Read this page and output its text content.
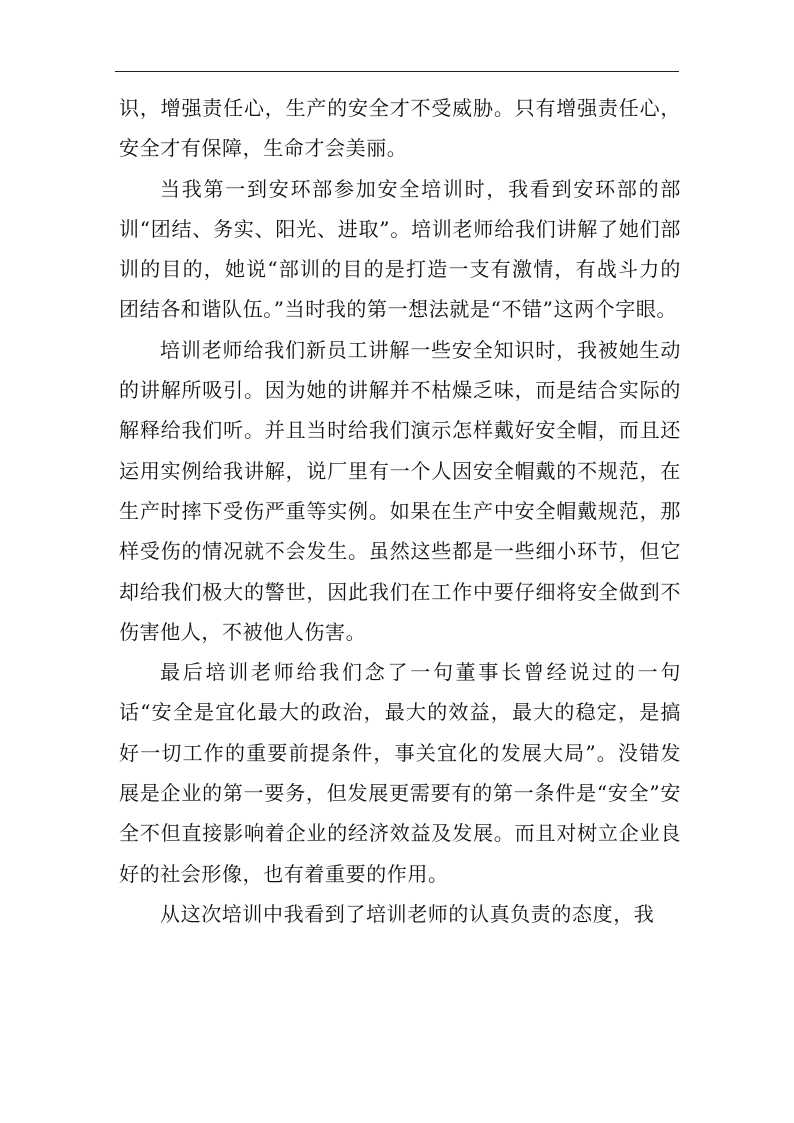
识，增强责任心，生产的安全才不受威胁。只有增强责任心，安全才有保障，生命才会美丽。

当我第一到安环部参加安全培训时，我看到安环部的部训“团结、务实、阳光、进取”。培训老师给我们讲解了她们部训的目的，她说“部训的目的是打造一支有激情，有战斗力的团结各和谐队伍。”当时我的第一想法就是“不错”这两个字眼。

培训老师给我们新员工讲解一些安全知识时，我被她生动的讲解所吸引。因为她的讲解并不枯燥乏味，而是结合实际的解释给我们听。并且当时给我们演示怎样戴好安全帽，而且还运用实例给我讲解，说厂里有一个人因安全帽戴的不规范，在生产时摔下受伤严重等实例。如果在生产中安全帽戴规范，那样受伤的情况就不会发生。虽然这些都是一些细小环节，但它却给我们极大的警世，因此我们在工作中要仔细将安全做到不伤害他人，不被他人伤害。

最后培训老师给我们念了一句董事长曾经说过的一句话“安全是宜化最大的政治，最大的效益，最大的稳定，是搞好一切工作的重要前提条件，事关宜化的发展大局”。没错发展是企业的第一要务，但发展更需要有的第一条件是“安全”安全不但直接影响着企业的经济效益及发展。而且对树立企业良好的社会形像，也有着重要的作用。

从这次培训中我看到了培训老师的认真负责的态度，我
